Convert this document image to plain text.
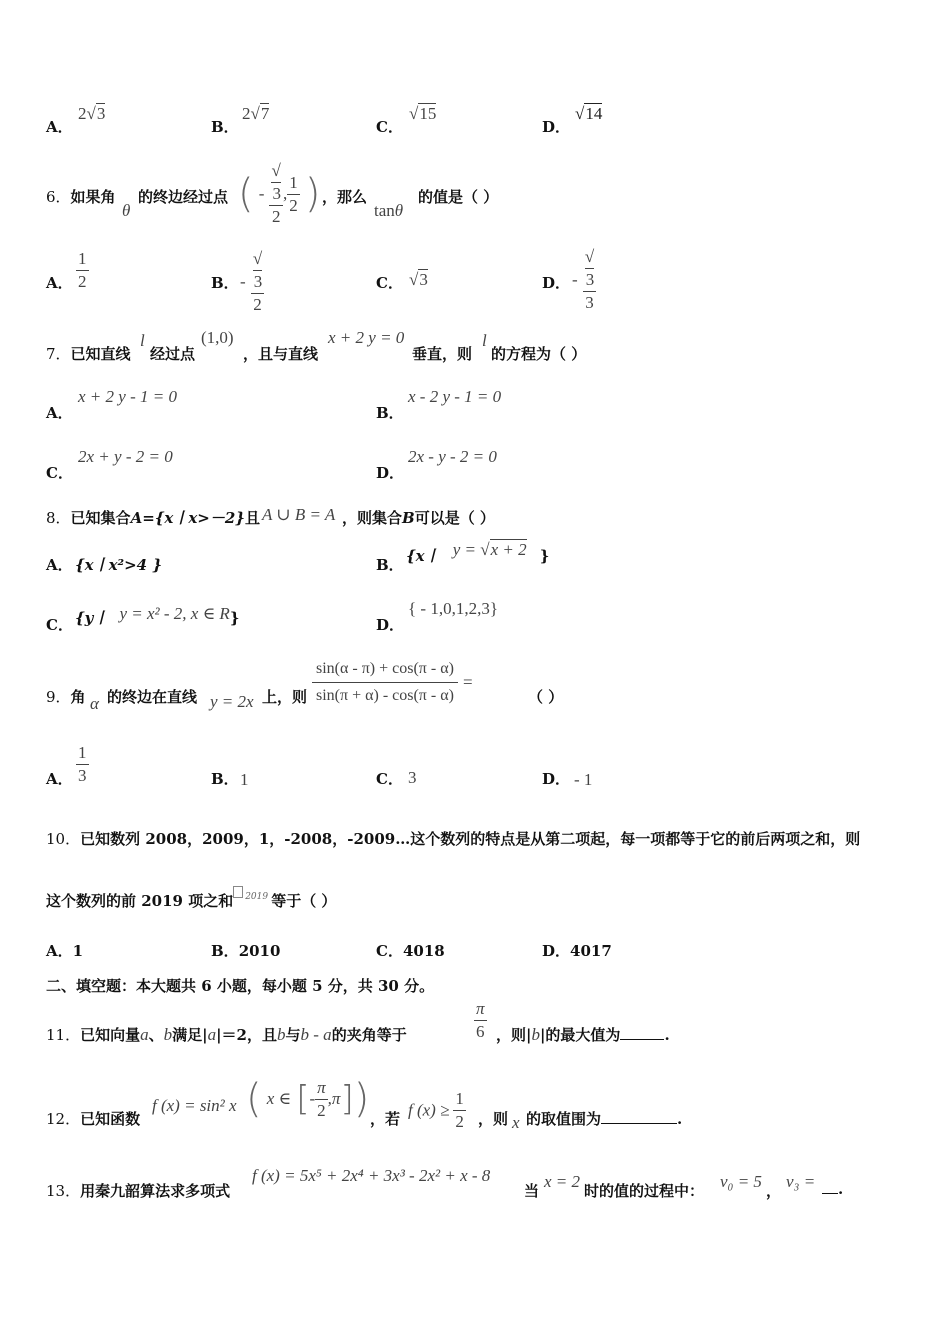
A．
2√3
B．
2√7
C．
√15
D．
√14
6．如果角
θ
的终边经过点 ( - √
3
2 , $\frac{1}{2}$ ) ，那么
tanθ
的值是（ ）
A． $\frac{1}{2}$	B． - √
3
2	C． √3	D． - √
3
3
7．已知直线
l
经过点
(1,0)
，且与直线
x + 2 y = 0
垂直，则
l
的方程为（ ）
A．
x + 2 y - 1 = 0
B．
x - 2 y - 1 = 0
C．
2x + y - 2 = 0
D．
2x - y - 2 = 0
8．已知集合A={x丨x>－2}且 A ∪ B = A ，则集合B可以是（ ）
A． {x丨x²>4 }	B． {x丨 y = √x + 2 }
C． {y丨 y = x² - 2, x ∈ R}	D．
{ - 1,0,1,2,3}
9．角 α 的终边在直线 y = 2x 上，则 $\frac{\sin(\alpha - \pi) + \cos(\pi - \alpha)}{\sin(\pi + \alpha) - \cos(\pi - \alpha)}$ =
（ ）
A． $\frac{1}{3}$	B． 1	C． 3	D． - 1
10．已知数列 2008，2009，1，-2008，-2009…这个数列的特点是从第二项起，每一项都等于它的前后两项之和，则
这个数列的前 2019 项之和 2019 等于（ ）
A．1	B．2010	C．4018	D．4017
二、填空题：本大题共 6 小题，每小题 5 分，共 30 分。
11．已知向量a、b满足|a|＝2，且b与b - a的夹角等于	$\frac{\pi}{6}$ ，则|b|的最大值为	.
12．已知函数
f (x) = sin² x ( x ∈ [- $\frac{\pi}{2} ,\pi$]) ，若 f $(x) \ge \frac{1}{2}$ ，则 x 的取值围为	.
13．用秦九韶算法求多项式
f (x) = 5x⁵ + 2x⁴ + 3x³ - 2x² + x - 8
当 x = 2 时的值的过程中： v₀ = 5 ， v₃ =	.
